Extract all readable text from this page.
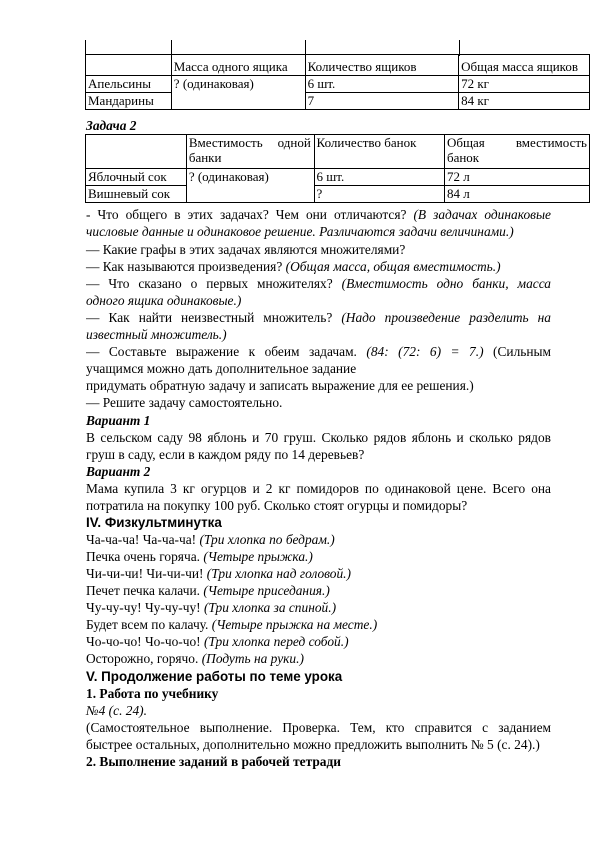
	Масса одного ящика	Количество ящиков	Общая масса ящиков
Апельсины	? (одинаковая)	6 шт.	72 кг
Мандарины		7	84 кг
Задача 2

	Вместимость одной банки	Количество банок	Общая вместимость банок

Яблочный сок	? (одинаковая)	6 шт.	72 л
Вишневый сок		?	84 л
- Что общего в этих задачах? Чем они отличаются? (В задачах одинаковые
числовые данные и одинаковое решение. Различаются задачи величинами.)
— Какие графы в этих задачах являются множителями?
— Как называются произведения? (Общая масса, общая вместимость.)
— Что сказано о первых множителях? (Вместимость одно банки, масса
одного ящика одинаковые.)
— Как найти неизвестный множитель? (Надо произведение разделить на
известный множитель.)
— Составьте выражение к обеим задачам. (84: (72: 6) = 7.) (Сильным
учащимся можно дать дополнительное задание
придумать обратную задачу и записать выражение для ее решения.)
— Решите задачу самостоятельно.
Вариант 1
В сельском саду 98 яблонь и 70 груш. Сколько рядов яблонь и сколько рядов
груш в саду, если в каждом ряду по 14 деревьев?
Вариант 2
Мама купила 3 кг огурцов и 2 кг помидоров по одинаковой цене. Всего она
потратила на покупку 100 руб. Сколько стоят огурцы и помидоры?
IV. Физкультминутка
Ча-ча-ча! Ча-ча-ча! (Три хлопка по бедрам.)
Печка очень горяча. (Четыре прыжка.)
Чи-чи-чи! Чи-чи-чи! (Три хлопка над головой.)
Печет печка калачи. (Четыре приседания.)
Чу-чу-чу! Чу-чу-чу! (Три хлопка за спиной.)
Будет всем по калачу. (Четыре прыжка на месте.)
Чо-чо-чо! Чо-чо-чо! (Три хлопка перед собой.)
Осторожно, горячо. (Подуть на руки.)
V. Продолжение работы по теме урока
1. Работа по учебнику
№4 (с. 24).
(Самостоятельное выполнение. Проверка. Тем, кто справится с заданием
быстрее остальных, дополнительно можно предложить выполнить № 5 (с. 24).)
2. Выполнение заданий в рабочей тетради
